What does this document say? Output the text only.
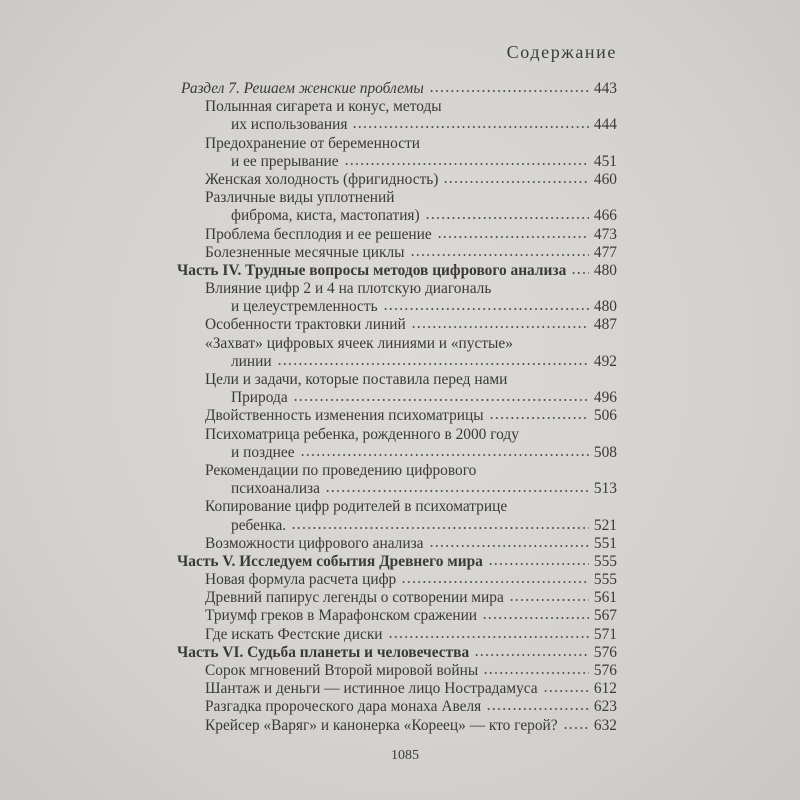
Содержание
Раздел 7. Решаем женские проблемы	443
Полынная сигарета и конус, методы
их использования	444
Предохранение от беременности
и ее прерывание	451
Женская холодность (фригидность)	460
Различные виды уплотнений
фиброма, киста, мастопатия)	466
Проблема бесплодия и ее решение	473
Болезненные месячные циклы	477
Часть IV. Трудные вопросы методов цифрового анализа 480
Влияние цифр 2 и 4 на плотскую диагональ
и целеустремленность	480
Особенности трактовки линий	487
«Захват» цифровых ячеек линиями и «пустые»
линии	492
Цели и задачи, которые поставила перед нами
Природа	496
Двойственность изменения психоматрицы	506
Психоматрица ребенка, рожденного в 2000 году
и позднее	508
Рекомендации по проведению цифрового
психоанализа	513
Копирование цифр родителей в психоматрице
ребенка.	521
Возможности цифрового анализа	551
Часть V. Исследуем события Древнего мира	555
Новая формула расчета цифр	555
Древний папирус легенды о сотворении мира	561
Триумф греков в Марафонском сражении	567
Где искать Фестские диски	571
Часть VI. Судьба планеты и человечества	576
Сорок мгновений Второй мировой войны	576
Шантаж и деньги — истинное лицо Нострадамуса	612
Разгадка пророческого дара монаха Авеля	623
Крейсер «Варяг» и канонерка «Кореец» — кто герой? 632
1085
